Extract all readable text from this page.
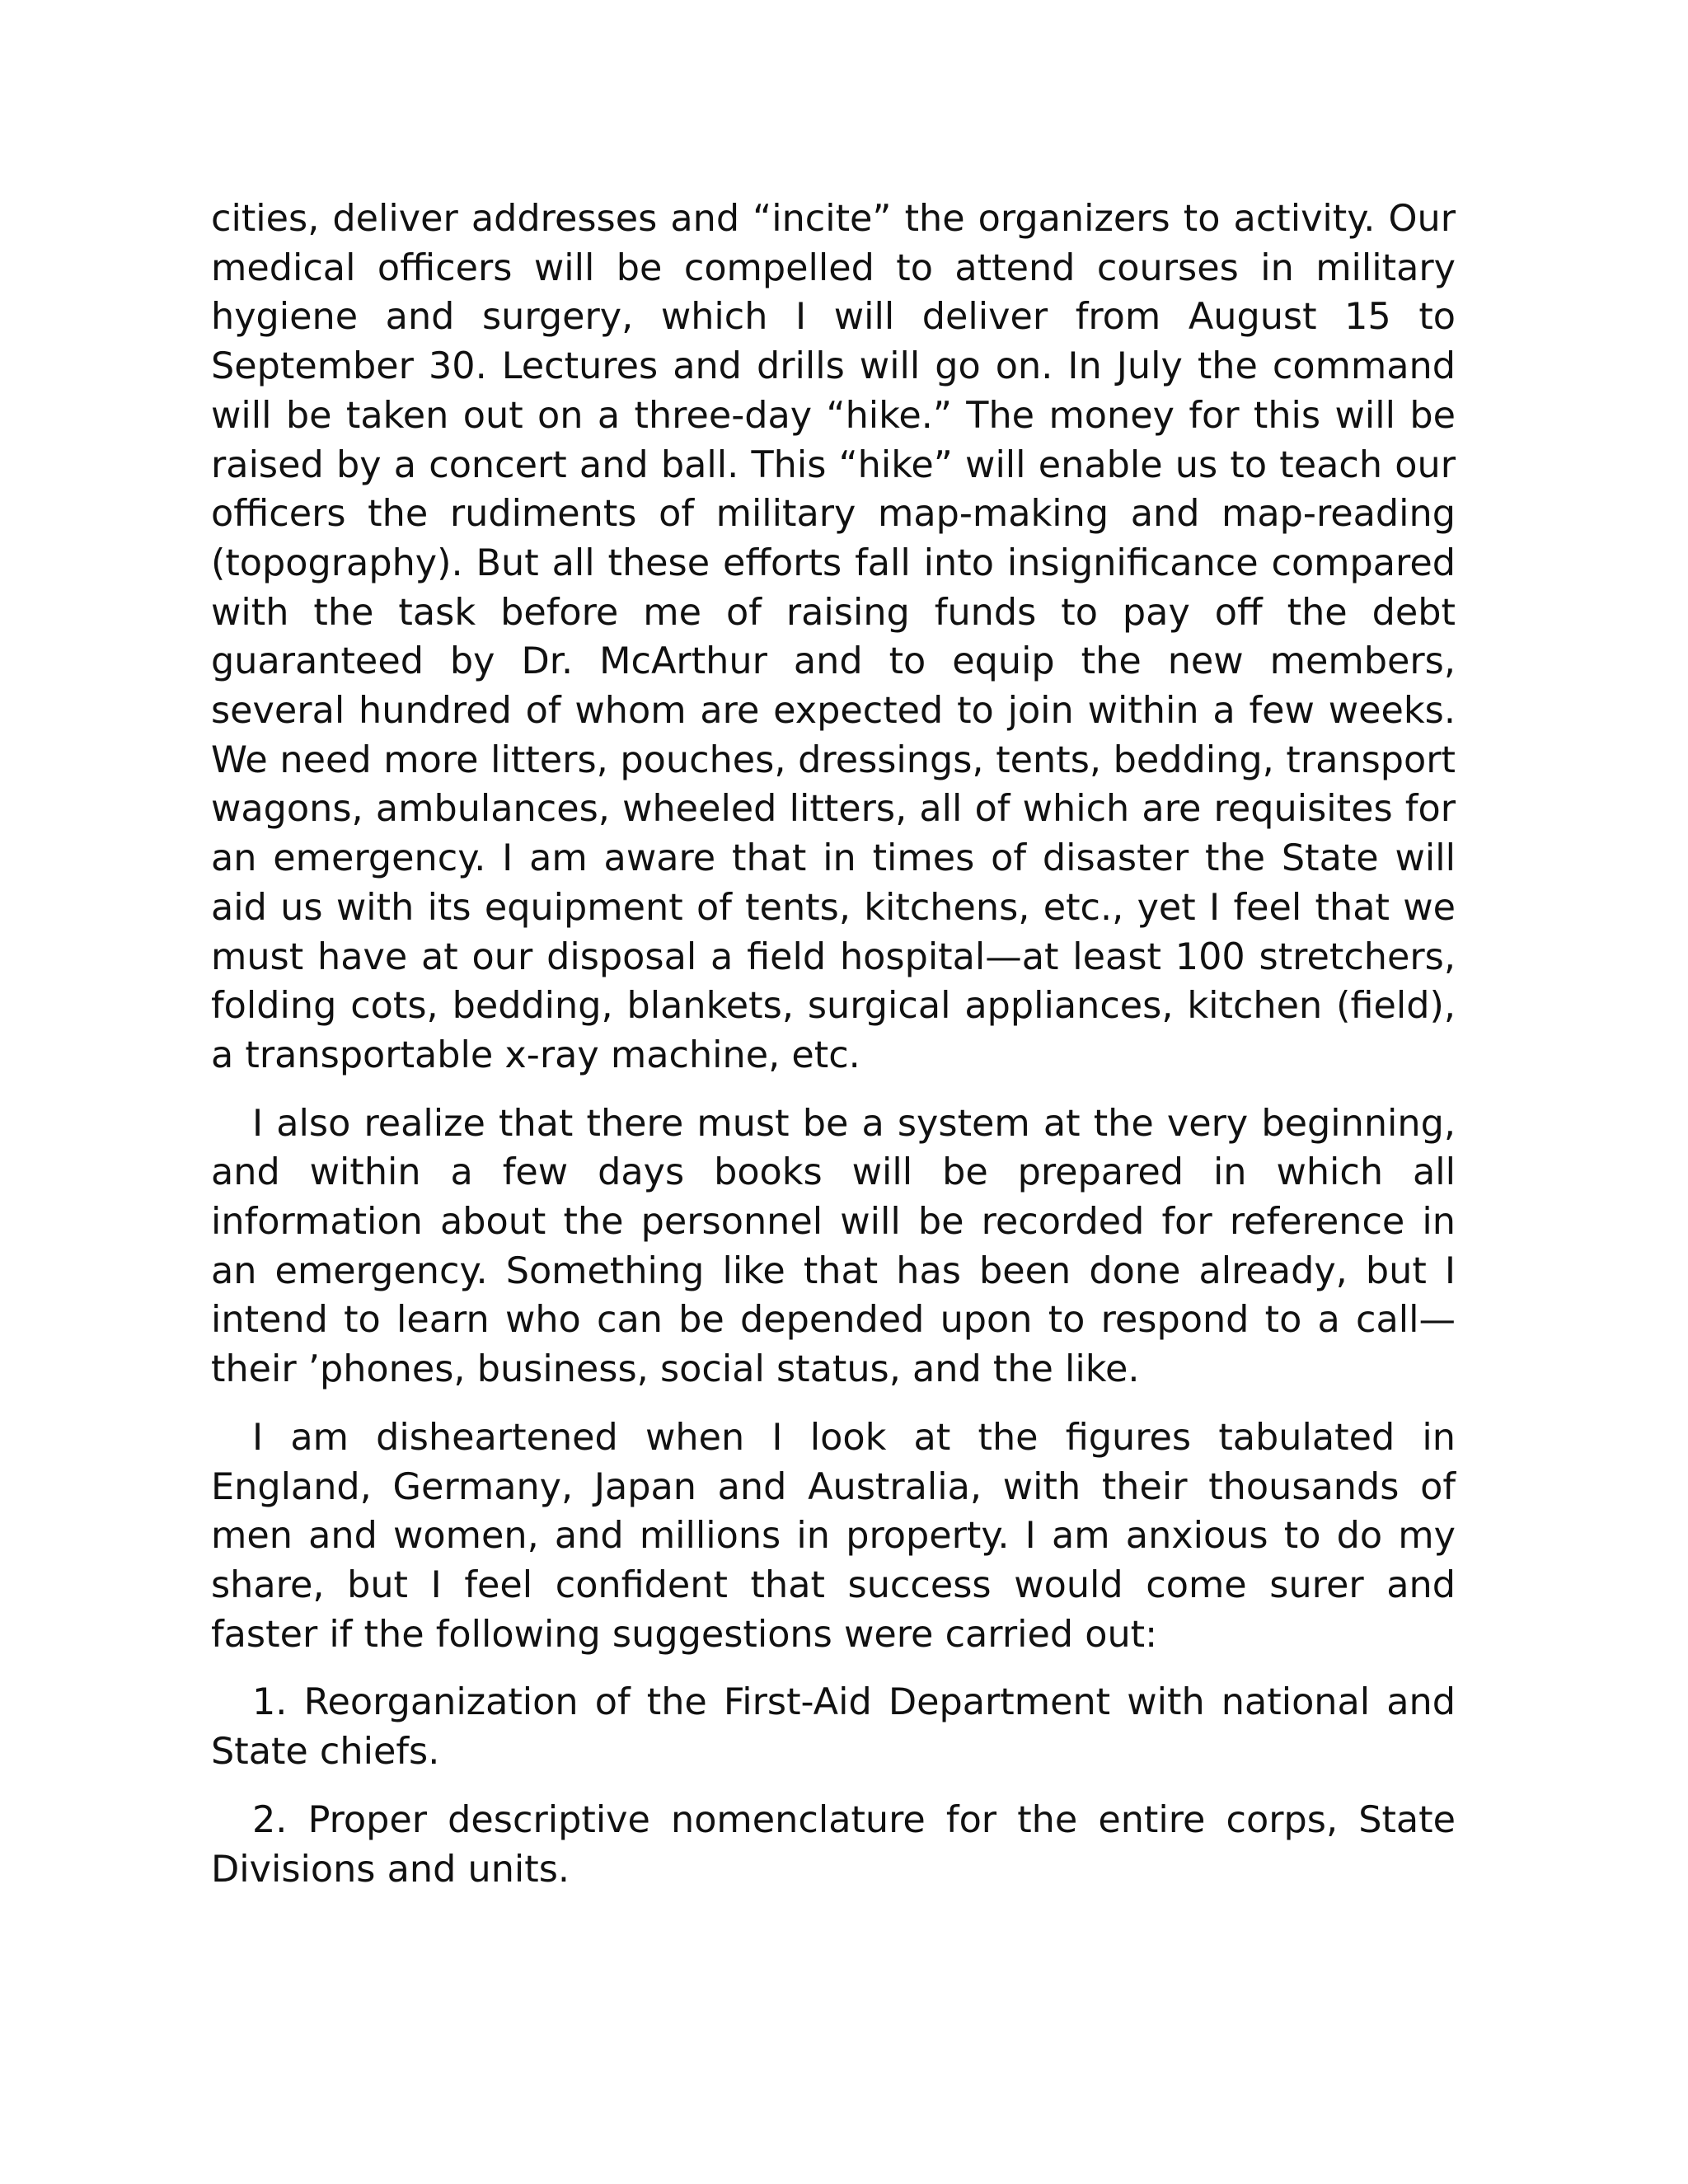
cities, deliver addresses and “incite” the organizers to activity. Our medical officers will be compelled to attend courses in military hygiene and surgery, which I will deliver from August 15 to September 30. Lectures and drills will go on. In July the command will be taken out on a three-day “hike.” The money for this will be raised by a concert and ball. This “hike” will enable us to teach our officers the rudiments of military map-making and map-reading (topography). But all these efforts fall into insignificance compared with the task before me of raising funds to pay off the debt guaranteed by Dr. McArthur and to equip the new members, several hundred of whom are expected to join within a few weeks. We need more litters, pouches, dressings, tents, bedding, transport wagons, ambulances, wheeled litters, all of which are requisites for an emergency. I am aware that in times of disaster the State will aid us with its equipment of tents, kitchens, etc., yet I feel that we must have at our disposal a field hospital—at least 100 stretchers, folding cots, bedding, blankets, surgical appliances, kitchen (field), a transportable x-ray machine, etc.

I also realize that there must be a system at the very beginning, and within a few days books will be prepared in which all information about the personnel will be recorded for reference in an emergency. Something like that has been done already, but I intend to learn who can be depended upon to respond to a call—their ’phones, business, social status, and the like.

I am disheartened when I look at the figures tabulated in England, Germany, Japan and Australia, with their thousands of men and women, and millions in property. I am anxious to do my share, but I feel confident that success would come surer and faster if the following suggestions were carried out:

1. Reorganization of the First-Aid Department with national and State chiefs.

2. Proper descriptive nomenclature for the entire corps, State Divisions and units.
